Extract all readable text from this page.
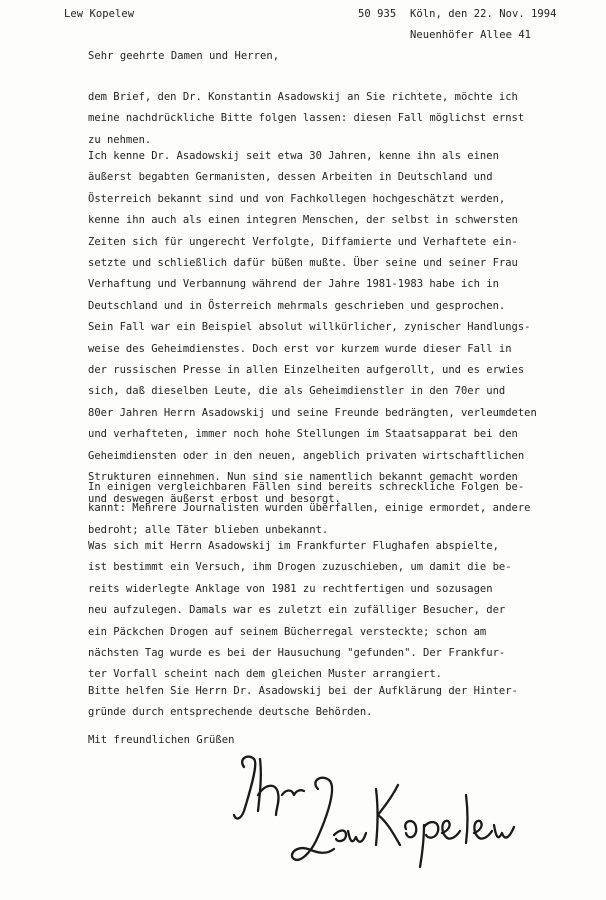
Lew Kopelew	50 935 Köln, den 22. Nov. 1994
Neuenhöfer Allee 41
Sehr geehrte Damen und Herren,
dem Brief, den Dr. Konstantin Asadowskij an Sie richtete, möchte ich
meine nachdrückliche Bitte folgen lassen: diesen Fall möglichst ernst
zu nehmen.
Ich kenne Dr. Asadowskij seit etwa 30 Jahren, kenne ihn als einen
äußerst begabten Germanisten, dessen Arbeiten in Deutschland und
Österreich bekannt sind und von Fachkollegen hochgeschätzt werden,
kenne ihn auch als einen integren Menschen, der selbst in schwersten
Zeiten sich für ungerecht Verfolgte, Diffamierte und Verhaftete ein-
setzte und schließlich dafür büßen mußte. Über seine und seiner Frau
Verhaftung und Verbannung während der Jahre 1981-1983 habe ich in
Deutschland und in Österreich mehrmals geschrieben und gesprochen.
Sein Fall war ein Beispiel absolut willkürlicher, zynischer Handlungs-
weise des Geheimdienstes. Doch erst vor kurzem wurde dieser Fall in
der russischen Presse in allen Einzelheiten aufgerollt, und es erwies
sich, daß dieselben Leute, die als Geheimdienstler in den 70er und
80er Jahren Herrn Asadowskij und seine Freunde bedrängten, verleumdeten
und verhafteten, immer noch hohe Stellungen im Staatsapparat bei den
Geheimdiensten oder in den neuen, angeblich privaten wirtschaftlichen
Strukturen einnehmen. Nun sind sie namentlich bekannt gemacht worden
und deswegen äußerst erbost und besorgt.
In einigen vergleichbaren Fällen sind bereits schreckliche Folgen be-
kannt: Mehrere Journalisten wurden überfallen, einige ermordet, andere
bedroht; alle Täter blieben unbekannt.
Was sich mit Herrn Asadowskij im Frankfurter Flughafen abspielte,
ist bestimmt ein Versuch, ihm Drogen zuzuschieben, um damit die be-
reits widerlegte Anklage von 1981 zu rechtfertigen und sozusagen
neu aufzulegen. Damals war es zuletzt ein zufälliger Besucher, der
ein Päckchen Drogen auf seinem Bücherregal versteckte; schon am
nächsten Tag wurde es bei der Hausuchung "gefunden". Der Frankfur-
ter Vorfall scheint nach dem gleichen Muster arrangiert.
Bitte helfen Sie Herrn Dr. Asadowskij bei der Aufklärung der Hinter-
gründe durch entsprechende deutsche Behörden.
Mit freundlichen Grüßen
